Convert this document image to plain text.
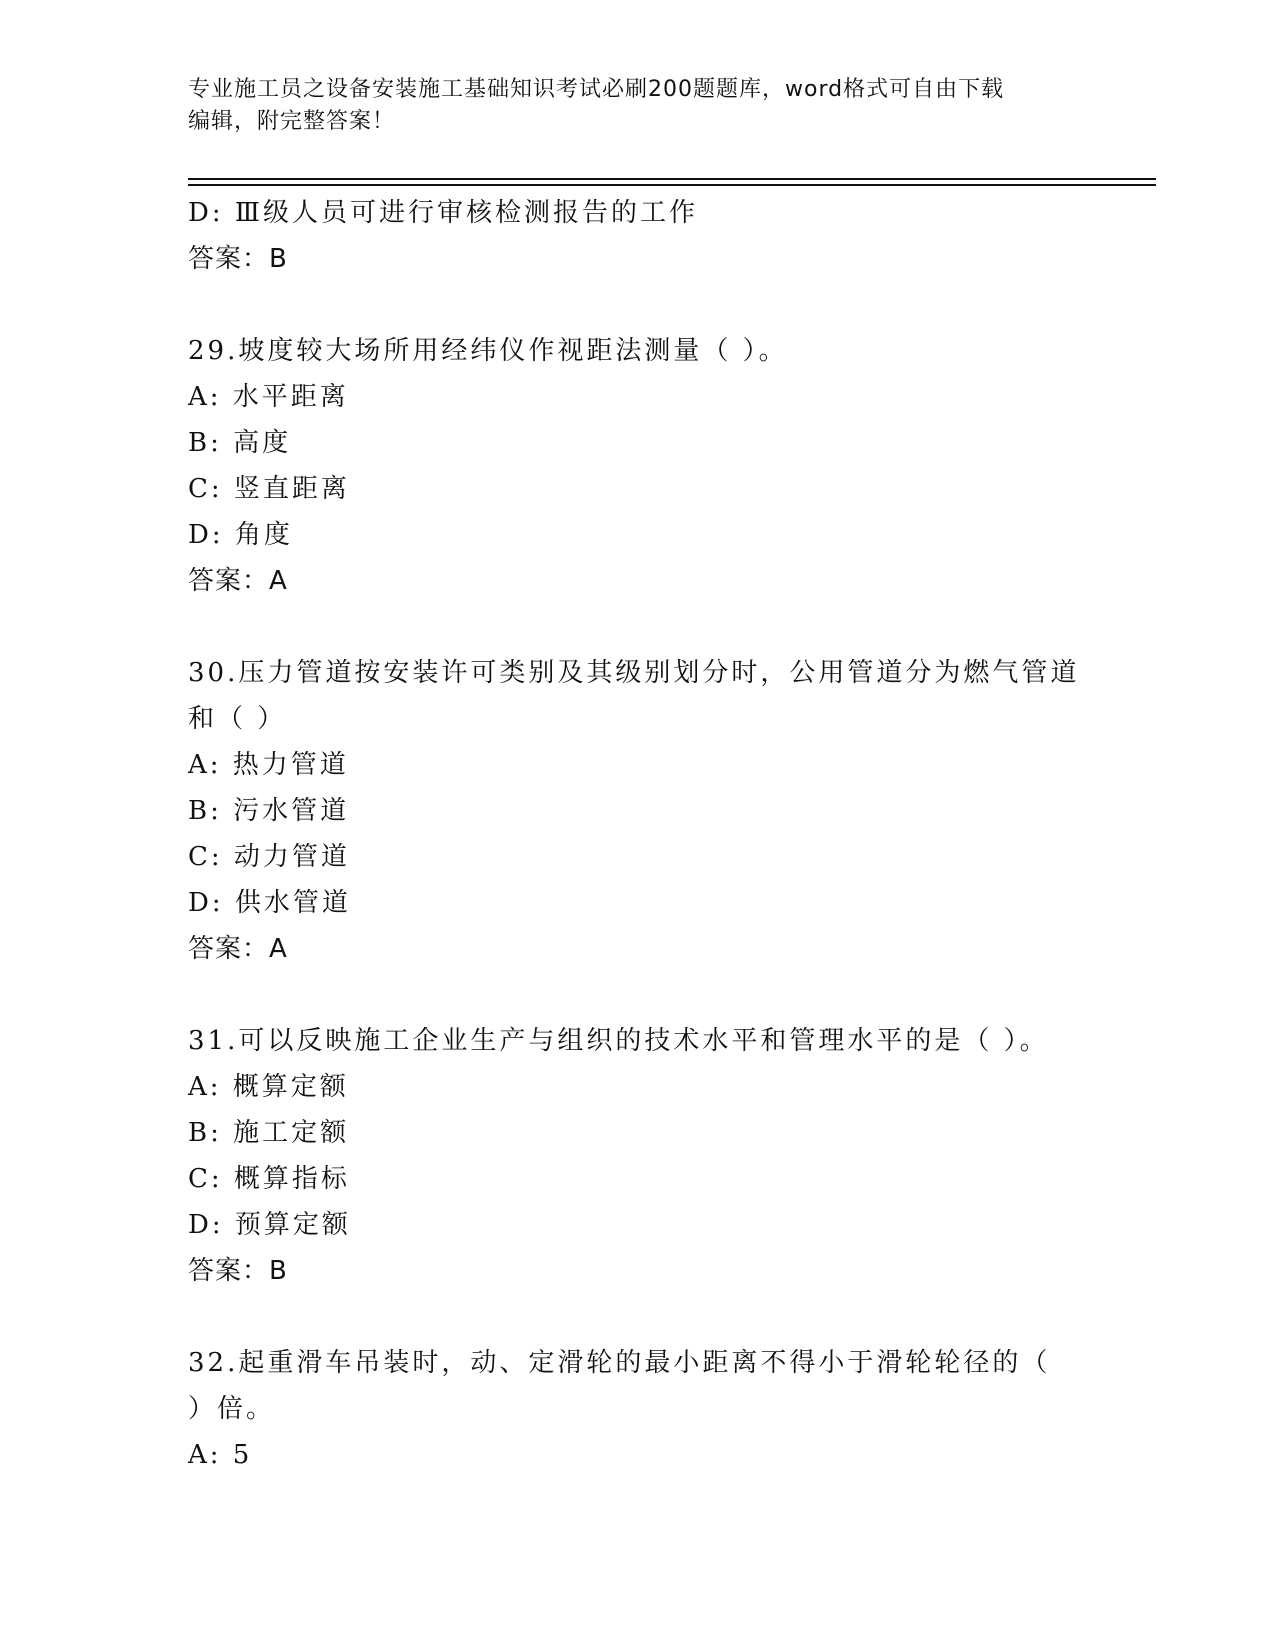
专业施工员之设备安装施工基础知识考试必刷200题题库，word格式可自由下载
编辑，附完整答案！
D: Ⅲ级人员可进行审核检测报告的工作
答案：B
29.坡度较大场所用经纬仪作视距法测量（ ）。
A: 水平距离
B: 高度
C: 竖直距离
D: 角度
答案：A
30.压力管道按安装许可类别及其级别划分时，公用管道分为燃气管道
和（ ）
A: 热力管道
B: 污水管道
C: 动力管道
D: 供水管道
答案：A
31.可以反映施工企业生产与组织的技术水平和管理水平的是（ ）。
A: 概算定额
B: 施工定额
C: 概算指标
D: 预算定额
答案：B
32.起重滑车吊装时，动、定滑轮的最小距离不得小于滑轮轮径的（
）倍。
A: 5
